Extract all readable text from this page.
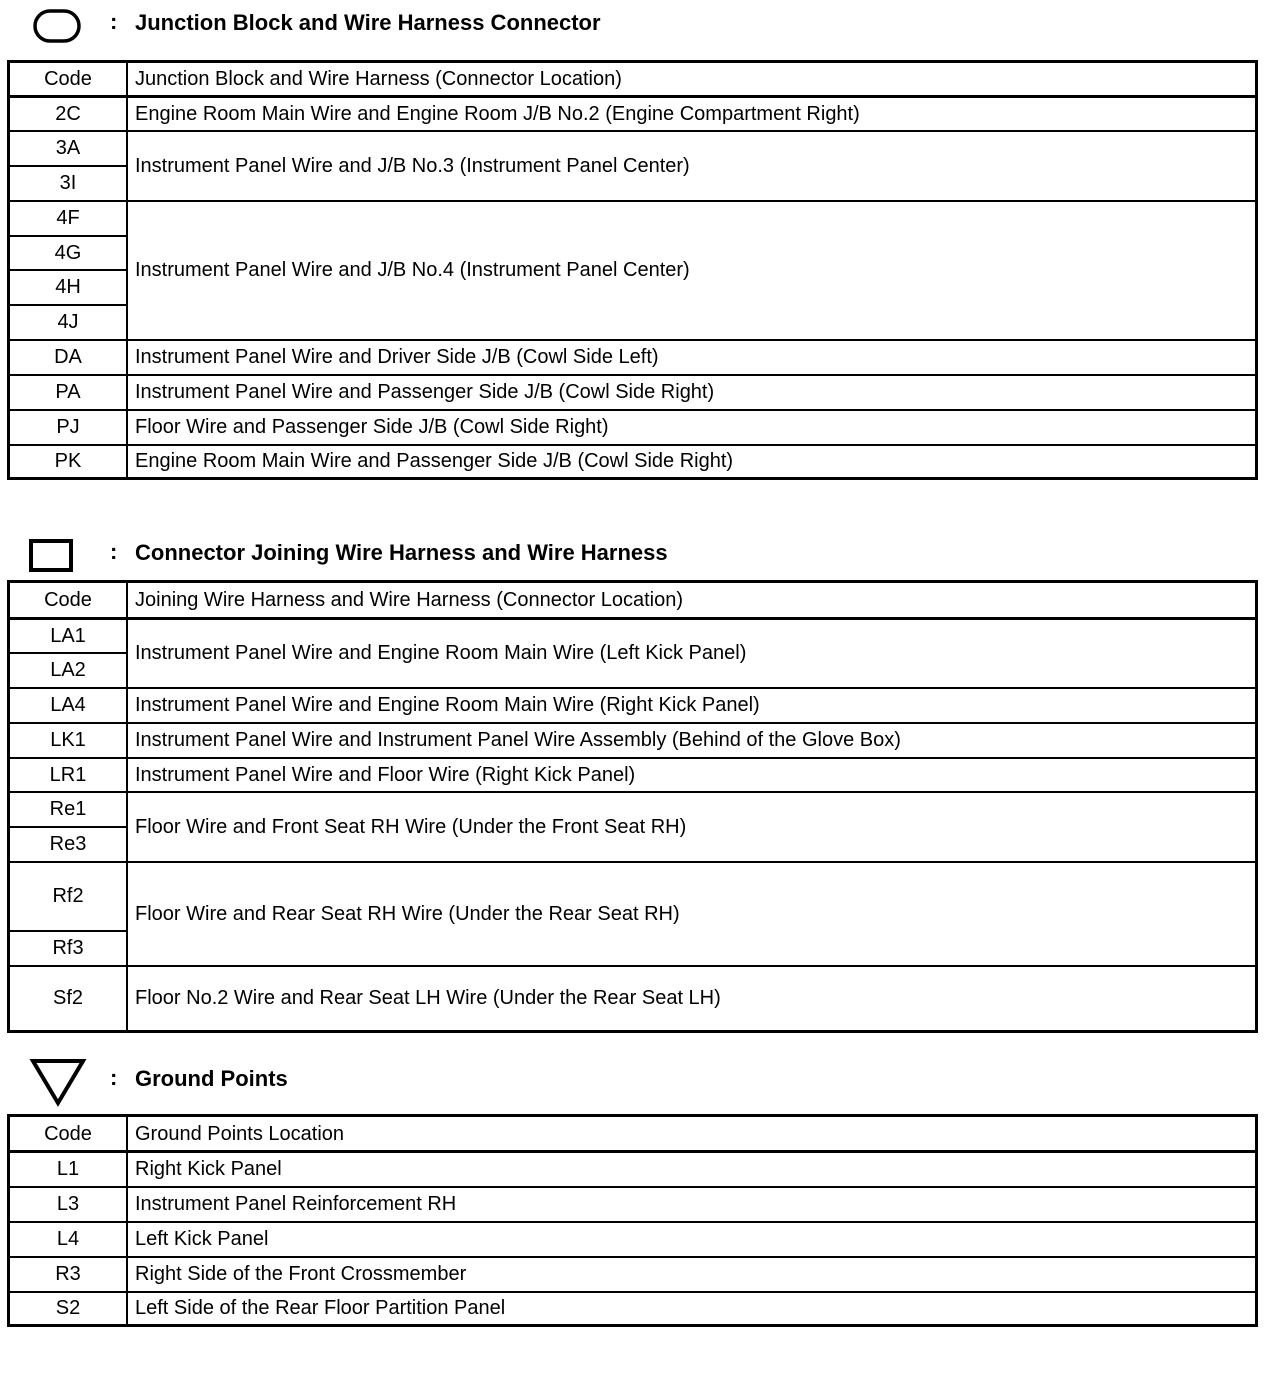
: Junction Block and Wire Harness Connector
Code	Junction Block and Wire Harness (Connector Location)
2C	Engine Room Main Wire and Engine Room J/B No.2 (Engine Compartment Right)
3A	Instrument Panel Wire and J/B No.3 (Instrument Panel Center)
3I	
4F	Instrument Panel Wire and J/B No.4 (Instrument Panel Center)
4G	
4H	
4J	
DA	Instrument Panel Wire and Driver Side J/B (Cowl Side Left)
PA	Instrument Panel Wire and Passenger Side J/B (Cowl Side Right)
PJ	Floor Wire and Passenger Side J/B (Cowl Side Right)
PK	Engine Room Main Wire and Passenger Side J/B (Cowl Side Right)
: Connector Joining Wire Harness and Wire Harness
Code	Joining Wire Harness and Wire Harness (Connector Location)
LA1	Instrument Panel Wire and Engine Room Main Wire (Left Kick Panel)
LA2	
LA4	Instrument Panel Wire and Engine Room Main Wire (Right Kick Panel)
LK1	Instrument Panel Wire and Instrument Panel Wire Assembly (Behind of the Glove Box)
LR1	Instrument Panel Wire and Floor Wire (Right Kick Panel)
Re1	Floor Wire and Front Seat RH Wire (Under the Front Seat RH)
Re3	
Rf2	Floor Wire and Rear Seat RH Wire (Under the Rear Seat RH)
Rf3	
Sf2	Floor No.2 Wire and Rear Seat LH Wire (Under the Rear Seat LH)
: Ground Points
Code	Ground Points Location
L1	Right Kick Panel
L3	Instrument Panel Reinforcement RH
L4	Left Kick Panel
R3	Right Side of the Front Crossmember
S2	Left Side of the Rear Floor Partition Panel
